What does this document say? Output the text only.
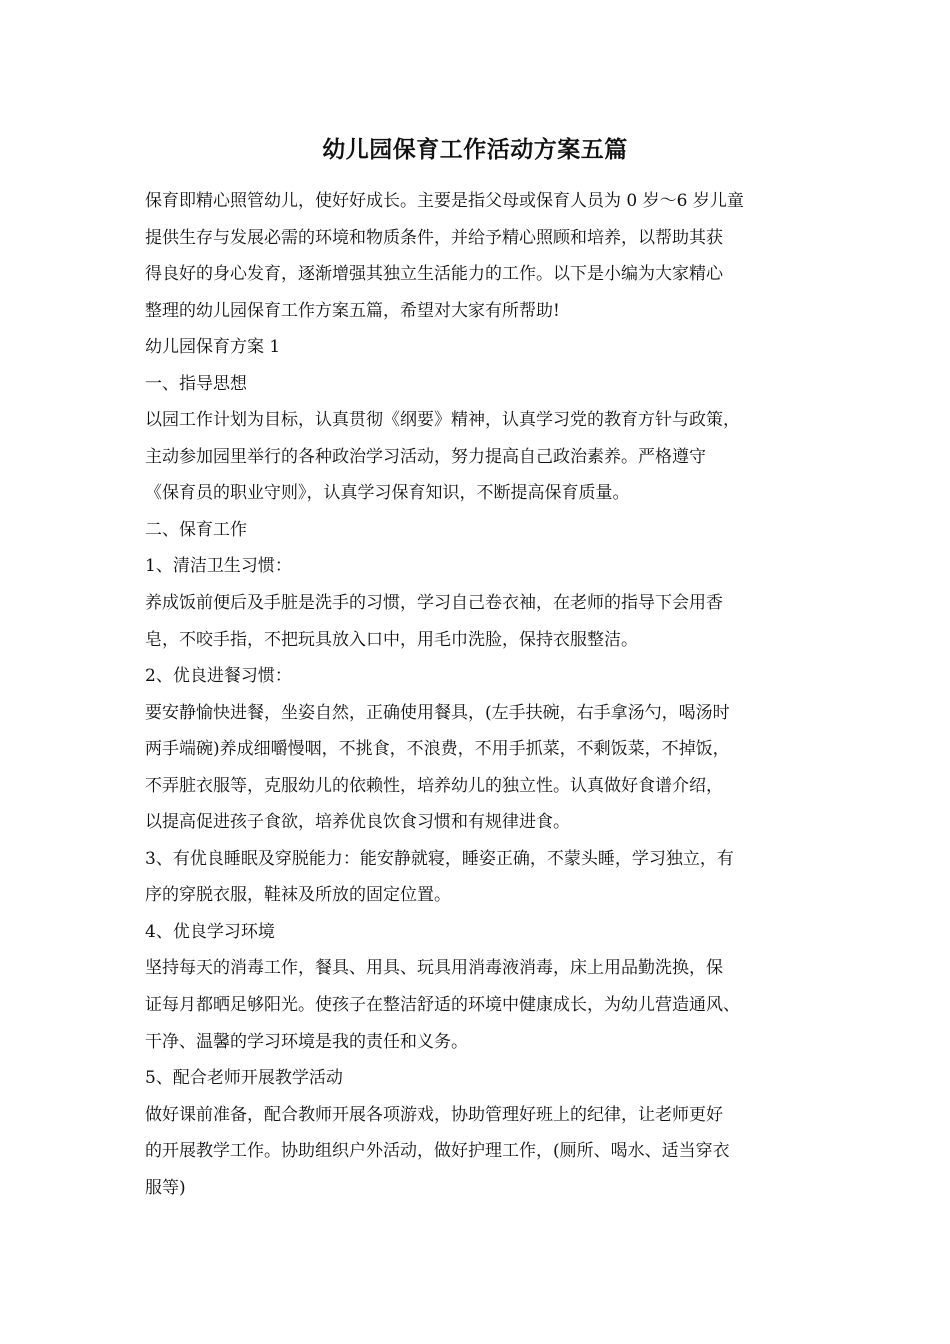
幼儿园保育工作活动方案五篇
保育即精心照管幼儿，使好好成长。主要是指父母或保育人员为 0 岁～6 岁儿童
提供生存与发展必需的环境和物质条件，并给予精心照顾和培养，以帮助其获
得良好的身心发育，逐渐增强其独立生活能力的工作。以下是小编为大家精心
整理的幼儿园保育工作方案五篇，希望对大家有所帮助!
幼儿园保育方案 1
一、指导思想
以园工作计划为目标，认真贯彻《纲要》精神，认真学习党的教育方针与政策，
主动参加园里举行的各种政治学习活动，努力提高自己政治素养。严格遵守
《保育员的职业守则》，认真学习保育知识，不断提高保育质量。
二、保育工作
1、清洁卫生习惯：
养成饭前便后及手脏是洗手的习惯，学习自己卷衣袖，在老师的指导下会用香
皂，不咬手指，不把玩具放入口中，用毛巾洗脸，保持衣服整洁。
2、优良进餐习惯：
要安静愉快进餐，坐姿自然，正确使用餐具，(左手扶碗，右手拿汤勺，喝汤时
两手端碗)养成细嚼慢咽，不挑食，不浪费，不用手抓菜，不剩饭菜，不掉饭，
不弄脏衣服等，克服幼儿的依赖性，培养幼儿的独立性。认真做好食谱介绍，
以提高促进孩子食欲，培养优良饮食习惯和有规律进食。
3、有优良睡眠及穿脱能力：能安静就寝，睡姿正确，不蒙头睡，学习独立，有
序的穿脱衣服，鞋袜及所放的固定位置。
4、优良学习环境
坚持每天的消毒工作，餐具、用具、玩具用消毒液消毒，床上用品勤洗换，保
证每月都晒足够阳光。使孩子在整洁舒适的环境中健康成长，为幼儿营造通风、
干净、温馨的学习环境是我的责任和义务。
5、配合老师开展教学活动
做好课前准备，配合教师开展各项游戏，协助管理好班上的纪律，让老师更好
的开展教学工作。协助组织户外活动，做好护理工作，(厕所、喝水、适当穿衣
服等)
